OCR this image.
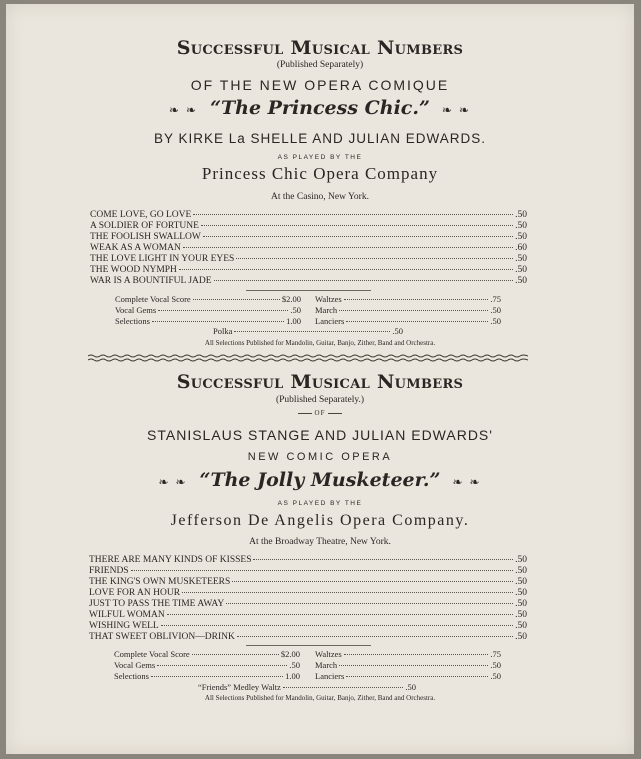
Successful Musical Numbers
(Published Separately)
OF THE NEW OPERA COMIQUE
❧ ❧ “The Princess Chic.” ❧ ❧
BY KIRKE La SHELLE AND JULIAN EDWARDS.
AS PLAYED BY THE
Princess Chic Opera Company
At the Casino, New York.
COME LOVE, GO LOVE	.50
A SOLDIER OF FORTUNE	.50
THE FOOLISH SWALLOW	.50
WEAK AS A WOMAN	.60
THE LOVE LIGHT IN YOUR EYES	.50
THE WOOD NYMPH	.50
WAR IS A BOUNTIFUL JADE	.50
Complete Vocal Score	$2.00
Vocal Gems	.50
Selections	1.00
Waltzes	.75
March	.50
Lanciers	.50
Polka	.50
All Selections Published for Mandolin, Guitar, Banjo, Zither, Band and Orchestra.
Successful Musical Numbers
(Published Separately.)
OF
STANISLAUS STANGE AND JULIAN EDWARDS'
NEW COMIC OPERA
❧ ❧ “The Jolly Musketeer.” ❧ ❧
AS PLAYED BY THE
Jefferson De Angelis Opera Company.
At the Broadway Theatre, New York.
THERE ARE MANY KINDS OF KISSES	.50
FRIENDS	.50
THE KING'S OWN MUSKETEERS	.50
LOVE FOR AN HOUR	.50
JUST TO PASS THE TIME AWAY	.50
WILFUL WOMAN	.50
WISHING WELL	.50
THAT SWEET OBLIVION—DRINK	.50
Complete Vocal Score	$2.00
Vocal Gems	.50
Selections	1.00
Waltzes	.75
March	.50
Lanciers	.50
“Friends” Medley Waltz	.50
All Selections Published for Mandolin, Guitar, Banjo, Zither, Band and Orchestra.
